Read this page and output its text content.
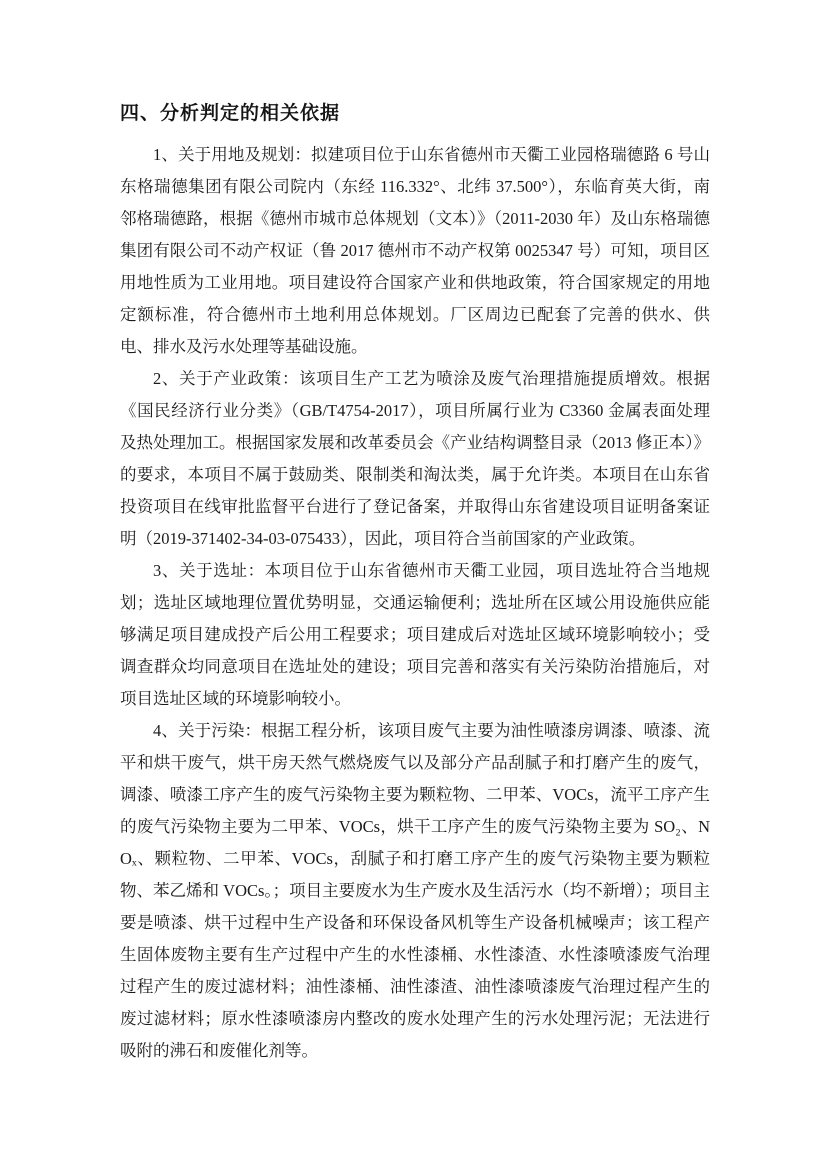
四、分析判定的相关依据

1、关于用地及规划：拟建项目位于山东省德州市天衢工业园格瑞德路 6 号山东格瑞德集团有限公司院内（东经 116.332°、北纬 37.500°），东临育英大街，南邻格瑞德路，根据《德州市城市总体规划（文本）》（2011-2030 年）及山东格瑞德集团有限公司不动产权证（鲁 2017 德州市不动产权第 0025347 号）可知，项目区用地性质为工业用地。项目建设符合国家产业和供地政策，符合国家规定的用地定额标准，符合德州市土地利用总体规划。厂区周边已配套了完善的供水、供电、排水及污水处理等基础设施。

2、关于产业政策：该项目生产工艺为喷涂及废气治理措施提质增效。根据《国民经济行业分类》（GB/T4754-2017），项目所属行业为 C3360 金属表面处理及热处理加工。根据国家发展和改革委员会《产业结构调整目录（2013 修正本）》的要求，本项目不属于鼓励类、限制类和淘汰类，属于允许类。本项目在山东省投资项目在线审批监督平台进行了登记备案，并取得山东省建设项目证明备案证明（2019-371402-34-03-075433），因此，项目符合当前国家的产业政策。

3、关于选址：本项目位于山东省德州市天衢工业园，项目选址符合当地规划；选址区域地理位置优势明显，交通运输便利；选址所在区域公用设施供应能够满足项目建成投产后公用工程要求；项目建成后对选址区域环境影响较小；受调查群众均同意项目在选址处的建设；项目完善和落实有关污染防治措施后，对项目选址区域的环境影响较小。

4、关于污染：根据工程分析，该项目废气主要为油性喷漆房调漆、喷漆、流平和烘干废气，烘干房天然气燃烧废气以及部分产品刮腻子和打磨产生的废气，调漆、喷漆工序产生的废气污染物主要为颗粒物、二甲苯、VOCs，流平工序产生的废气污染物主要为二甲苯、VOCs，烘干工序产生的废气污染物主要为 SO₂、NOₓ、颗粒物、二甲苯、VOCs，刮腻子和打磨工序产生的废气污染物主要为颗粒物、苯乙烯和 VOCs。；项目主要废水为生产废水及生活污水（均不新增）；项目主要是喷漆、烘干过程中生产设备和环保设备风机等生产设备机械噪声；该工程产生固体废物主要有生产过程中产生的水性漆桶、水性漆渣、水性漆喷漆废气治理过程产生的废过滤材料；油性漆桶、油性漆渣、油性漆喷漆废气治理过程产生的废过滤材料；原水性漆喷漆房内整改的废水处理产生的污水处理污泥；无法进行吸附的沸石和废催化剂等。
